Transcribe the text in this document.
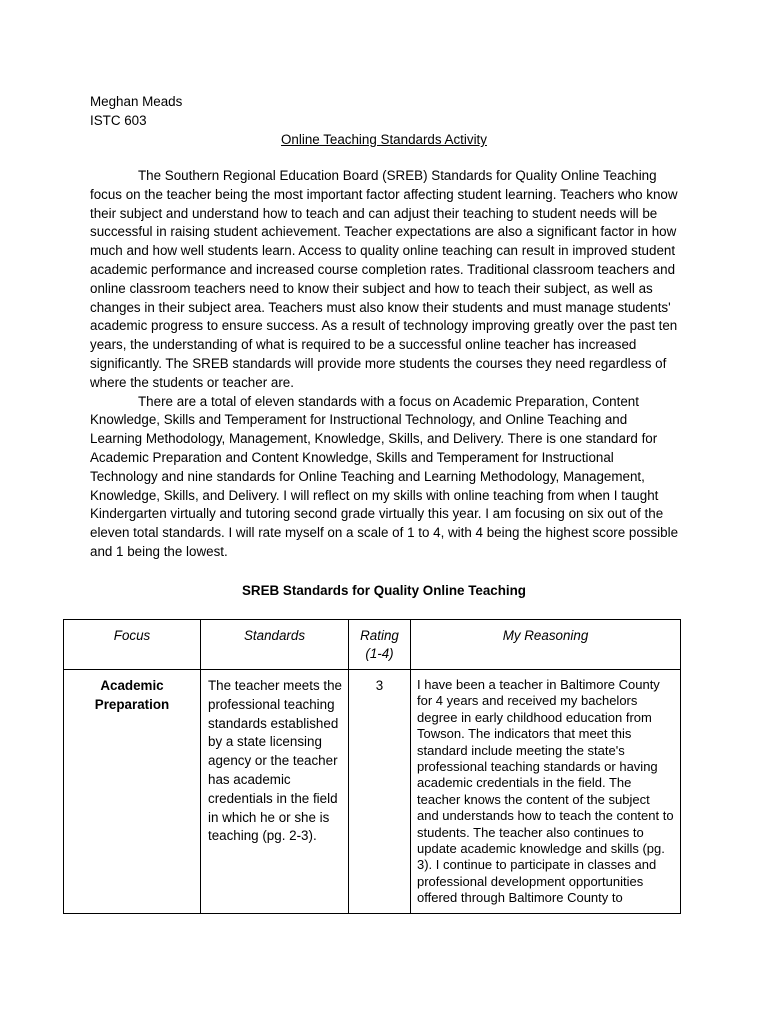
Meghan Meads
ISTC 603
Online Teaching Standards Activity

The Southern Regional Education Board (SREB) Standards for Quality Online Teaching focus on the teacher being the most important factor affecting student learning. Teachers who know their subject and understand how to teach and can adjust their teaching to student needs will be successful in raising student achievement. Teacher expectations are also a significant factor in how much and how well students learn. Access to quality online teaching can result in improved student academic performance and increased course completion rates. Traditional classroom teachers and online classroom teachers need to know their subject and how to teach their subject, as well as changes in their subject area. Teachers must also know their students and must manage students' academic progress to ensure success. As a result of technology improving greatly over the past ten years, the understanding of what is required to be a successful online teacher has increased significantly. The SREB standards will provide more students the courses they need regardless of where the students or teacher are.

There are a total of eleven standards with a focus on Academic Preparation, Content Knowledge, Skills and Temperament for Instructional Technology, and Online Teaching and Learning Methodology, Management, Knowledge, Skills, and Delivery. There is one standard for Academic Preparation and Content Knowledge, Skills and Temperament for Instructional Technology and nine standards for Online Teaching and Learning Methodology, Management, Knowledge, Skills, and Delivery. I will reflect on my skills with online teaching from when I taught Kindergarten virtually and tutoring second grade virtually this year. I am focusing on six out of the eleven total standards. I will rate myself on a scale of 1 to 4, with 4 being the highest score possible and 1 being the lowest.

SREB Standards for Quality Online Teaching
Focus	Standards	Rating (1-4)	My Reasoning
Academic Preparation	The teacher meets the professional teaching standards established by a state licensing agency or the teacher has academic credentials in the field in which he or she is teaching (pg. 2-3).	3	I have been a teacher in Baltimore County for 4 years and received my bachelors degree in early childhood education from Towson. The indicators that meet this standard include meeting the state's professional teaching standards or having academic credentials in the field. The teacher knows the content of the subject and understands how to teach the content to students. The teacher also continues to update academic knowledge and skills (pg. 3). I continue to participate in classes and professional development opportunities offered through Baltimore County to
